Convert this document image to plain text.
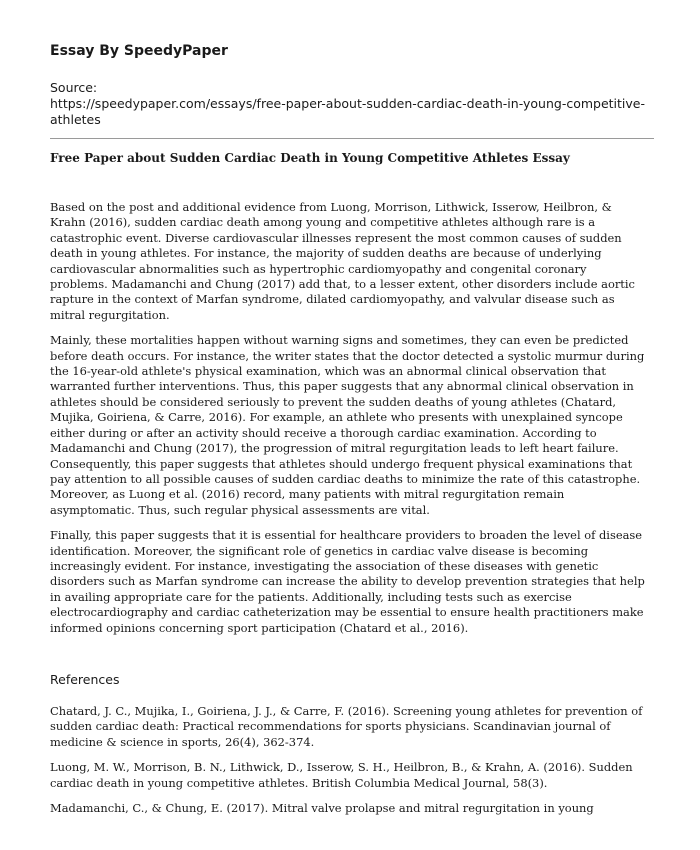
Essay By SpeedyPaper

Source:

https://speedypaper.com/essays/free-paper-about-sudden-cardiac-death-in-young-competitive-athletes

Free Paper about Sudden Cardiac Death in Young Competitive Athletes Essay

Based on the post and additional evidence from Luong, Morrison, Lithwick, Isserow, Heilbron, & Krahn (2016), sudden cardiac death among young and competitive athletes although rare is a catastrophic event. Diverse cardiovascular illnesses represent the most common causes of sudden death in young athletes. For instance, the majority of sudden deaths are because of underlying cardiovascular abnormalities such as hypertrophic cardiomyopathy and congenital coronary problems. Madamanchi and Chung (2017) add that, to a lesser extent, other disorders include aortic rapture in the context of Marfan syndrome, dilated cardiomyopathy, and valvular disease such as mitral regurgitation.

Mainly, these mortalities happen without warning signs and sometimes, they can even be predicted before death occurs. For instance, the writer states that the doctor detected a systolic murmur during the 16-year-old athlete's physical examination, which was an abnormal clinical observation that warranted further interventions. Thus, this paper suggests that any abnormal clinical observation in athletes should be considered seriously to prevent the sudden deaths of young athletes (Chatard, Mujika, Goiriena, & Carre, 2016). For example, an athlete who presents with unexplained syncope either during or after an activity should receive a thorough cardiac examination. According to Madamanchi and Chung (2017), the progression of mitral regurgitation leads to left heart failure. Consequently, this paper suggests that athletes should undergo frequent physical examinations that pay attention to all possible causes of sudden cardiac deaths to minimize the rate of this catastrophe. Moreover, as Luong et al. (2016) record, many patients with mitral regurgitation remain asymptomatic. Thus, such regular physical assessments are vital.

Finally, this paper suggests that it is essential for healthcare providers to broaden the level of disease identification. Moreover, the significant role of genetics in cardiac valve disease is becoming increasingly evident. For instance, investigating the association of these diseases with genetic disorders such as Marfan syndrome can increase the ability to develop prevention strategies that help in availing appropriate care for the patients. Additionally, including tests such as exercise electrocardiography and cardiac catheterization may be essential to ensure health practitioners make informed opinions concerning sport participation (Chatard et al., 2016).

References

Chatard, J. C., Mujika, I., Goiriena, J. J., & Carre, F. (2016). Screening young athletes for prevention of sudden cardiac death: Practical recommendations for sports physicians. Scandinavian journal of medicine & science in sports, 26(4), 362-374.

Luong, M. W., Morrison, B. N., Lithwick, D., Isserow, S. H., Heilbron, B., & Krahn, A. (2016). Sudden cardiac death in young competitive athletes. British Columbia Medical Journal, 58(3).

Madamanchi, C., & Chung, E. (2017). Mitral valve prolapse and mitral regurgitation in young
